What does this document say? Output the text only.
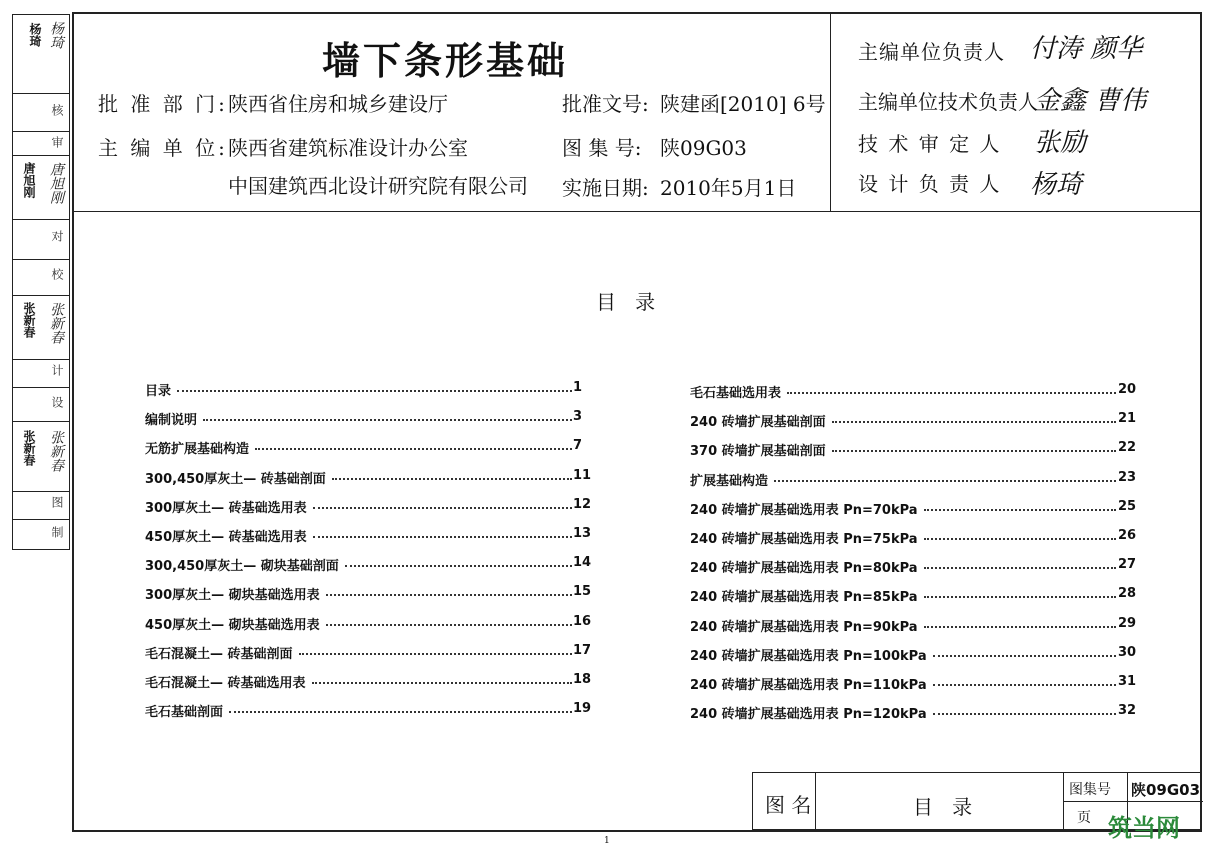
杨琦 杨琦
核
审
唐旭刚 唐旭刚
对
校
张新春 张新春
计
设
张新春 张新春
图
制
墙下条形基础
批 准 部 门: 陕西省住房和城乡建设厅
主 编 单 位: 陕西省建筑标准设计办公室
中国建筑西北设计研究院有限公司
批准文号: 陕建函[2010] 6号
图 集 号: 陕09G03
实施日期: 2010年5月1日
主编单位负责人 付涛 颜华
主编单位技术负责人
金鑫 曹伟
技 术 审 定 人 张励
设 计 负 责 人 杨琦
目   录
目录	1
编制说明	3
无筋扩展基础构造	7
300,450厚灰土— 砖基础剖面	11
300厚灰土— 砖基础选用表	12
450厚灰土— 砖基础选用表	13
300,450厚灰土— 砌块基础剖面	14
300厚灰土— 砌块基础选用表	15
450厚灰土— 砌块基础选用表	16
毛石混凝土— 砖基础剖面	17
毛石混凝土— 砖基础选用表	18
毛石基础剖面	19
毛石基础选用表	20
240 砖墙扩展基础剖面	21
370 砖墙扩展基础剖面	22
扩展基础构造	23
240 砖墙扩展基础选用表 Pn=70kPa	25
240 砖墙扩展基础选用表 Pn=75kPa	26
240 砖墙扩展基础选用表 Pn=80kPa	27
240 砖墙扩展基础选用表 Pn=85kPa	28
240 砖墙扩展基础选用表 Pn=90kPa	29
240 砖墙扩展基础选用表 Pn=100kPa	30
240 砖墙扩展基础选用表 Pn=110kPa	31
240 砖墙扩展基础选用表 Pn=120kPa	32
图 名	目   录
图集号 陕09G03
页 筑当网
1
